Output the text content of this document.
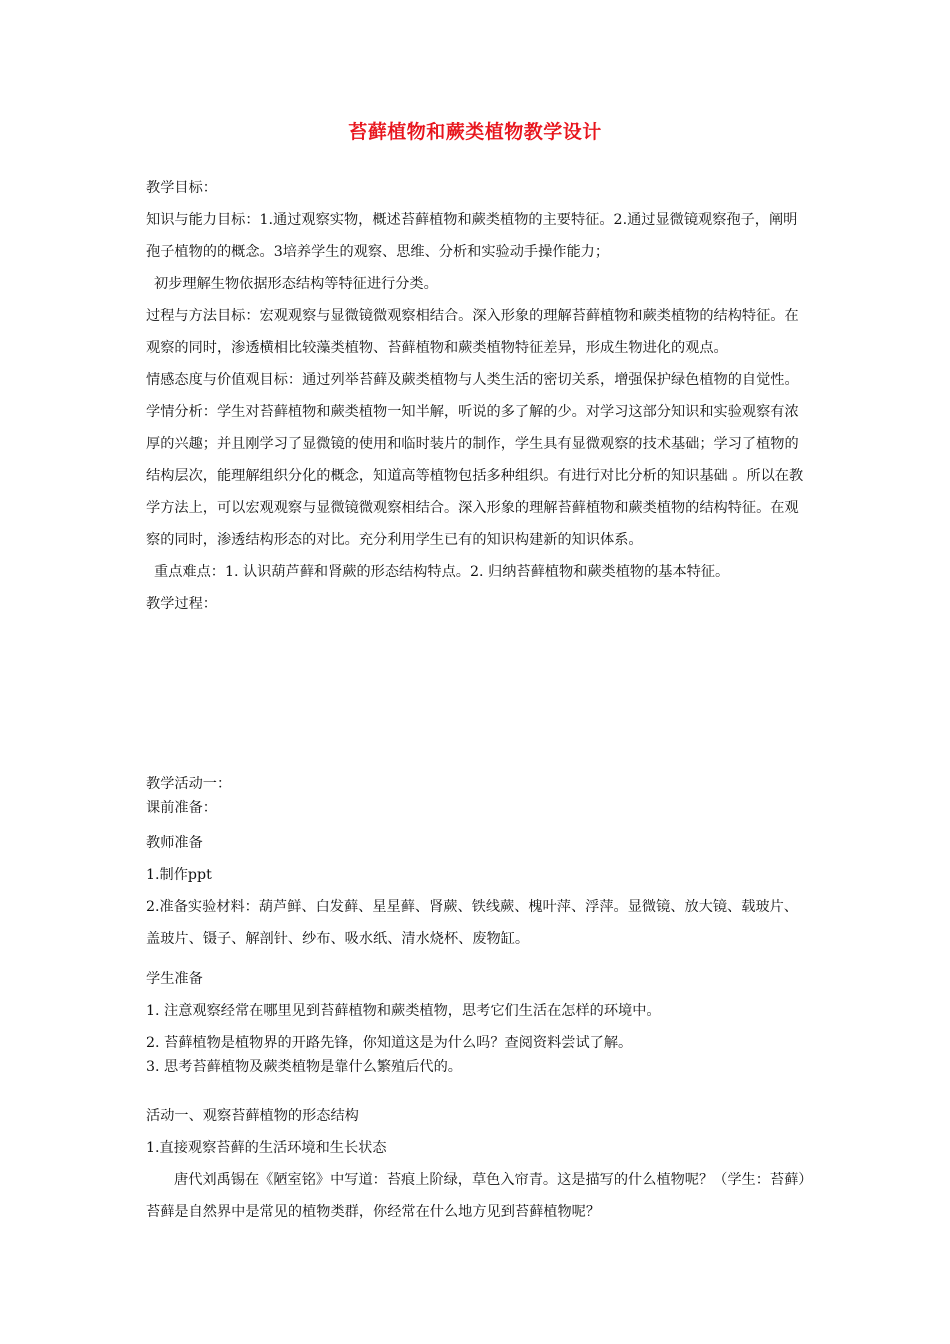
苔藓植物和蕨类植物教学设计

教学目标：

知识与能力目标：1.通过观察实物，概述苔藓植物和蕨类植物的主要特征。2.通过显微镜观察孢子，阐明孢子植物的的概念。3培养学生的观察、思维、分析和实验动手操作能力；

初步理解生物依据形态结构等特征进行分类。

过程与方法目标：宏观观察与显微镜微观察相结合。深入形象的理解苔藓植物和蕨类植物的结构特征。在观察的同时，渗透横相比较藻类植物、苔藓植物和蕨类植物特征差异，形成生物进化的观点。

情感态度与价值观目标：通过列举苔藓及蕨类植物与人类生活的密切关系，增强保护绿色植物的自觉性。

学情分析：学生对苔藓植物和蕨类植物一知半解，听说的多了解的少。对学习这部分知识和实验观察有浓厚的兴趣；并且刚学习了显微镜的使用和临时装片的制作，学生具有显微观察的技术基础；学习了植物的结构层次，能理解组织分化的概念，知道高等植物包括多种组织。有进行对比分析的知识基础 。所以在教学方法上，可以宏观观察与显微镜微观察相结合。深入形象的理解苔藓植物和蕨类植物的结构特征。在观察的同时，渗透结构形态的对比。充分利用学生已有的知识构建新的知识体系。

重点难点：1. 认识葫芦藓和肾蕨的形态结构特点。2. 归纳苔藓植物和蕨类植物的基本特征。

教学过程：

教学活动一：

课前准备：

教师准备

1.制作ppt

2.准备实验材料：葫芦鲜、白发藓、星星藓、肾蕨、铁线蕨、槐叶萍、浮萍。显微镜、放大镜、载玻片、盖玻片、镊子、解剖针、纱布、吸水纸、清水烧杯、废物缸。

学生准备

1. 注意观察经常在哪里见到苔藓植物和蕨类植物，思考它们生活在怎样的环境中。

2. 苔藓植物是植物界的开路先锋，你知道这是为什么吗？查阅资料尝试了解。

3. 思考苔藓植物及蕨类植物是靠什么繁殖后代的。

活动一、观察苔藓植物的形态结构

1.直接观察苔藓的生活环境和生长状态

唐代刘禹锡在《陋室铭》中写道：苔痕上阶绿，草色入帘青。这是描写的什么植物呢？（学生：苔藓）苔藓是自然界中是常见的植物类群，你经常在什么地方见到苔藓植物呢？
